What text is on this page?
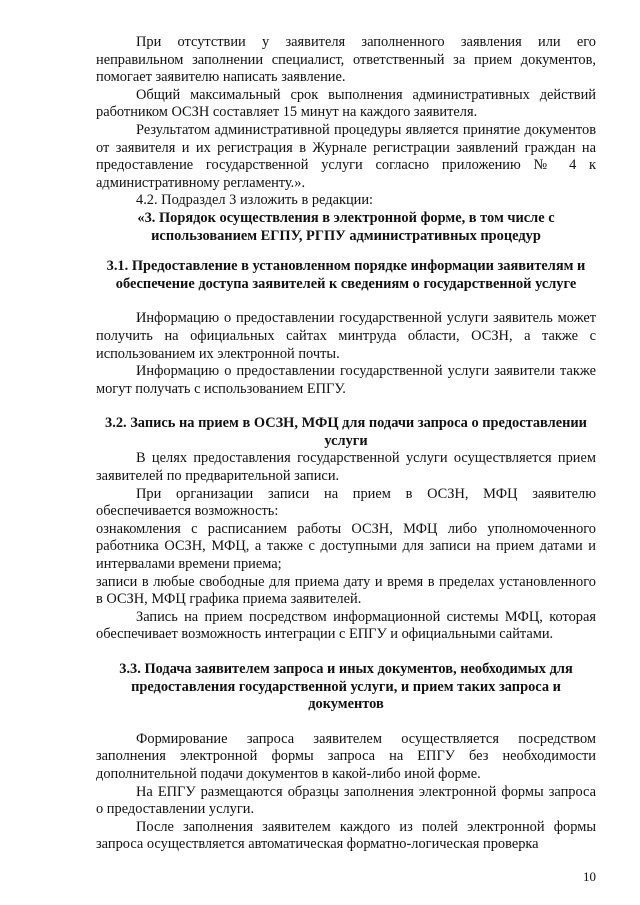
При отсутствии у заявителя заполненного заявления или его неправильном заполнении специалист, ответственный за прием документов, помогает заявителю написать заявление.

Общий максимальный срок выполнения административных действий работником ОСЗН составляет 15 минут на каждого заявителя.

Результатом административной процедуры является принятие документов от заявителя и их регистрация в Журнале регистрации заявлений граждан на предоставление государственной услуги согласно приложению № 4 к административному регламенту.».

4.2. Подраздел 3 изложить в редакции:

«3. Порядок осуществления в электронной форме, в том числе с использованием ЕГПУ, РГПУ административных процедур
3.1. Предоставление в установленном порядке информации заявителям и обеспечение доступа заявителей к сведениям о государственной услуге

Информацию о предоставлении государственной услуги заявитель может получить на официальных сайтах минтруда области, ОСЗН, а также с использованием их электронной почты.

Информацию о предоставлении государственной услуги заявители также могут получать с использованием ЕПГУ.

3.2. Запись на прием в ОСЗН, МФЦ для подачи запроса о предоставлении услуги

В целях предоставления государственной услуги осуществляется прием заявителей по предварительной записи.

При организации записи на прием в ОСЗН, МФЦ заявителю обеспечивается возможность:

ознакомления с расписанием работы ОСЗН, МФЦ либо уполномоченного работника ОСЗН, МФЦ, а также с доступными для записи на прием датами и интервалами времени приема;

записи в любые свободные для приема дату и время в пределах установленного в ОСЗН, МФЦ графика приема заявителей.

Запись на прием посредством информационной системы МФЦ, которая обеспечивает возможность интеграции с ЕПГУ и официальными сайтами.

3.3. Подача заявителем запроса и иных документов, необходимых для предоставления государственной услуги, и прием таких запроса и документов

Формирование запроса заявителем осуществляется посредством заполнения электронной формы запроса на ЕПГУ без необходимости дополнительной подачи документов в какой-либо иной форме.

На ЕПГУ размещаются образцы заполнения электронной формы запроса о предоставлении услуги.

После заполнения заявителем каждого из полей электронной формы запроса осуществляется автоматическая форматно-логическая проверка

10
